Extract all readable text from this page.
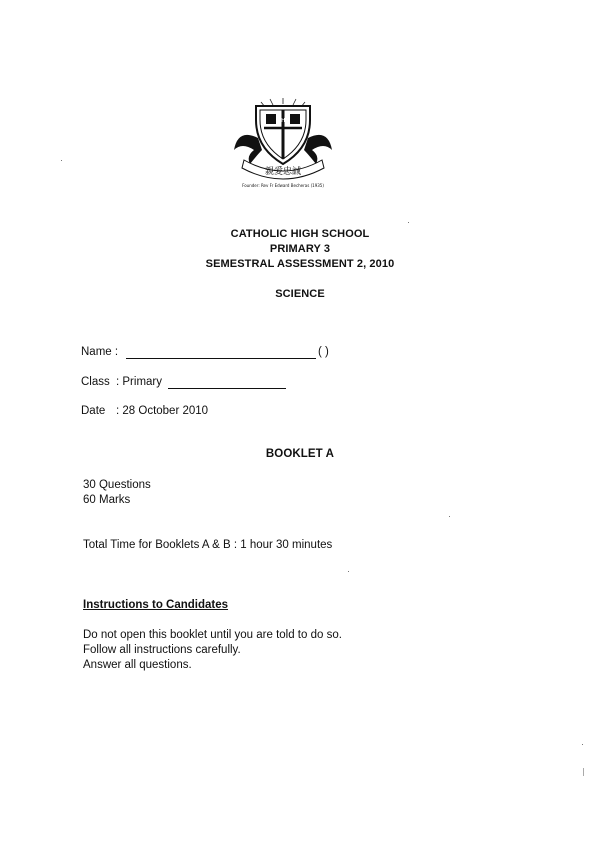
CHS
親愛忠誠
Founder: Rev Fr Edward Becheras (1935)
CATHOLIC HIGH SCHOOL
PRIMARY 3
SEMESTRAL ASSESSMENT 2, 2010
SCIENCE
Name :	( )
Class : Primary
Date : 28 October 2010
BOOKLET A
30 Questions
60 Marks
Total Time for Booklets A & B : 1 hour 30 minutes
Instructions to Candidates
Do not open this booklet until you are told to do so.
Follow all instructions carefully.
Answer all questions.
